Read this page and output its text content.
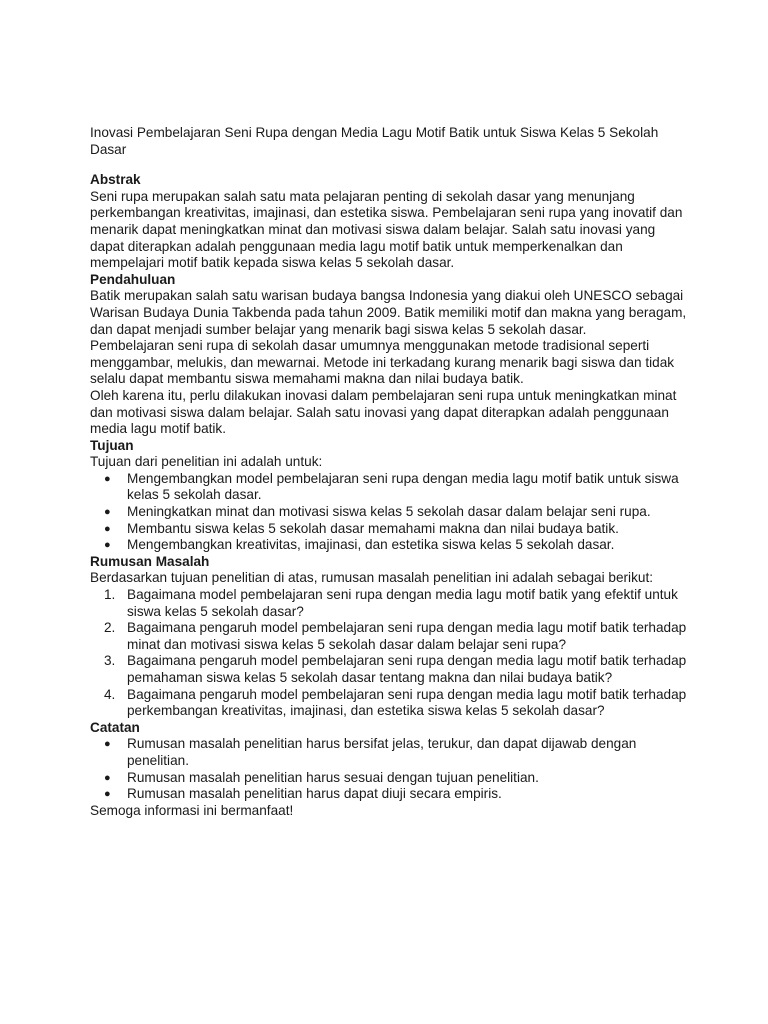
Inovasi Pembelajaran Seni Rupa dengan Media Lagu Motif Batik untuk Siswa Kelas 5 Sekolah Dasar

Abstrak

Seni rupa merupakan salah satu mata pelajaran penting di sekolah dasar yang menunjang perkembangan kreativitas, imajinasi, dan estetika siswa. Pembelajaran seni rupa yang inovatif dan menarik dapat meningkatkan minat dan motivasi siswa dalam belajar. Salah satu inovasi yang dapat diterapkan adalah penggunaan media lagu motif batik untuk memperkenalkan dan mempelajari motif batik kepada siswa kelas 5 sekolah dasar.

Pendahuluan

Batik merupakan salah satu warisan budaya bangsa Indonesia yang diakui oleh UNESCO sebagai Warisan Budaya Dunia Takbenda pada tahun 2009. Batik memiliki motif dan makna yang beragam, dan dapat menjadi sumber belajar yang menarik bagi siswa kelas 5 sekolah dasar.

Pembelajaran seni rupa di sekolah dasar umumnya menggunakan metode tradisional seperti menggambar, melukis, dan mewarnai. Metode ini terkadang kurang menarik bagi siswa dan tidak selalu dapat membantu siswa memahami makna dan nilai budaya batik.

Oleh karena itu, perlu dilakukan inovasi dalam pembelajaran seni rupa untuk meningkatkan minat dan motivasi siswa dalam belajar. Salah satu inovasi yang dapat diterapkan adalah penggunaan media lagu motif batik.

Tujuan

Tujuan dari penelitian ini adalah untuk:

● Mengembangkan model pembelajaran seni rupa dengan media lagu motif batik untuk siswa kelas 5 sekolah dasar.
● Meningkatkan minat dan motivasi siswa kelas 5 sekolah dasar dalam belajar seni rupa.
● Membantu siswa kelas 5 sekolah dasar memahami makna dan nilai budaya batik.
● Mengembangkan kreativitas, imajinasi, dan estetika siswa kelas 5 sekolah dasar.

Rumusan Masalah

Berdasarkan tujuan penelitian di atas, rumusan masalah penelitian ini adalah sebagai berikut:

1. Bagaimana model pembelajaran seni rupa dengan media lagu motif batik yang efektif untuk siswa kelas 5 sekolah dasar?
2. Bagaimana pengaruh model pembelajaran seni rupa dengan media lagu motif batik terhadap minat dan motivasi siswa kelas 5 sekolah dasar dalam belajar seni rupa?
3. Bagaimana pengaruh model pembelajaran seni rupa dengan media lagu motif batik terhadap pemahaman siswa kelas 5 sekolah dasar tentang makna dan nilai budaya batik?
4. Bagaimana pengaruh model pembelajaran seni rupa dengan media lagu motif batik terhadap perkembangan kreativitas, imajinasi, dan estetika siswa kelas 5 sekolah dasar?

Catatan

● Rumusan masalah penelitian harus bersifat jelas, terukur, dan dapat dijawab dengan penelitian.
● Rumusan masalah penelitian harus sesuai dengan tujuan penelitian.
● Rumusan masalah penelitian harus dapat diuji secara empiris.

Semoga informasi ini bermanfaat!
